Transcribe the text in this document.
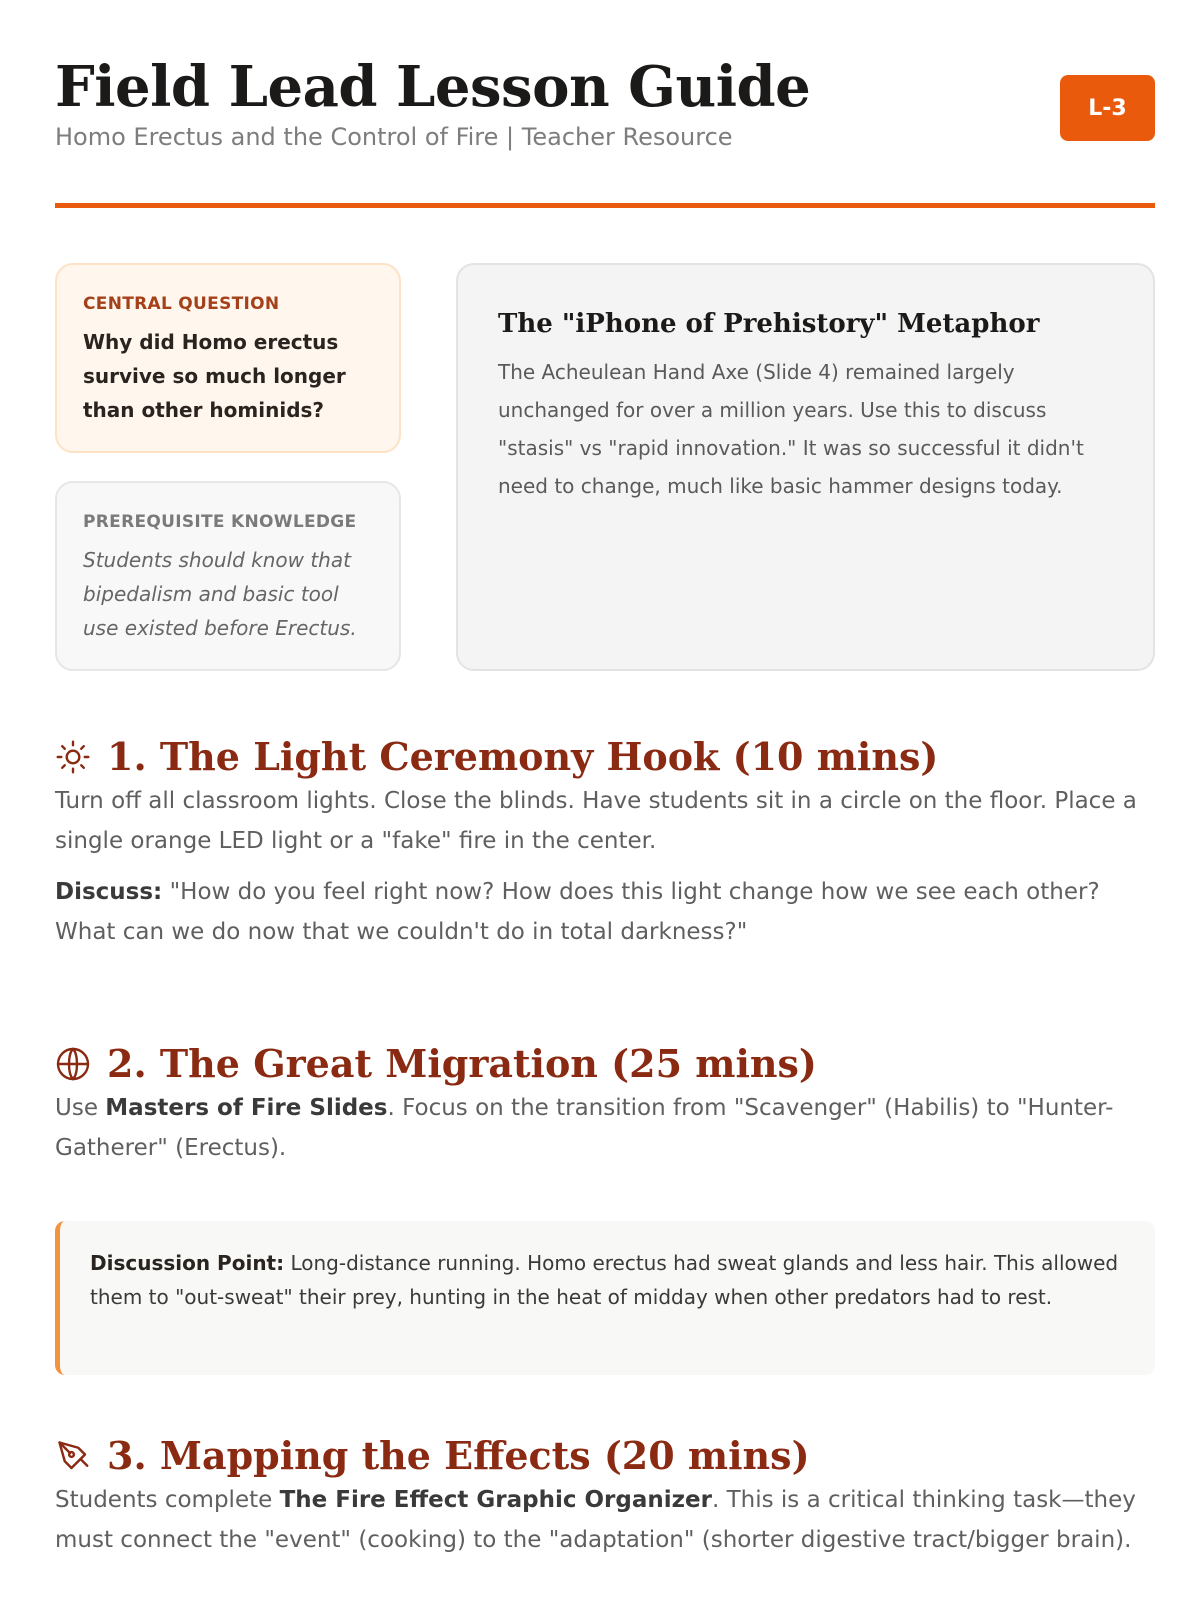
Field Lead Lesson Guide
Homo Erectus and the Control of Fire | Teacher Resource
L-3
CENTRAL QUESTION
Why did Homo erectus survive so much longer than other hominids?
PREREQUISITE KNOWLEDGE
Students should know that bipedalism and basic tool use existed before Erectus.
The "iPhone of Prehistory" Metaphor
The Acheulean Hand Axe (Slide 4) remained largely unchanged for over a million years. Use this to discuss "stasis" vs "rapid innovation." It was so successful it didn't need to change, much like basic hammer designs today.
1. The Light Ceremony Hook (10 mins)

Turn off all classroom lights. Close the blinds. Have students sit in a circle on the floor. Place a single orange LED light or a "fake" fire in the center.

Discuss: "How do you feel right now? How does this light change how we see each other? What can we do now that we couldn't do in total darkness?"

2. The Great Migration (25 mins)

Use Masters of Fire Slides. Focus on the transition from "Scavenger" (Habilis) to "Hunter-Gatherer" (Erectus).

Discussion Point: Long-distance running. Homo erectus had sweat glands and less hair. This allowed them to "out-sweat" their prey, hunting in the heat of midday when other predators had to rest.
3. Mapping the Effects (20 mins)

Students complete The Fire Effect Graphic Organizer. This is a critical thinking task—they must connect the "event" (cooking) to the "adaptation" (shorter digestive tract/bigger brain).
